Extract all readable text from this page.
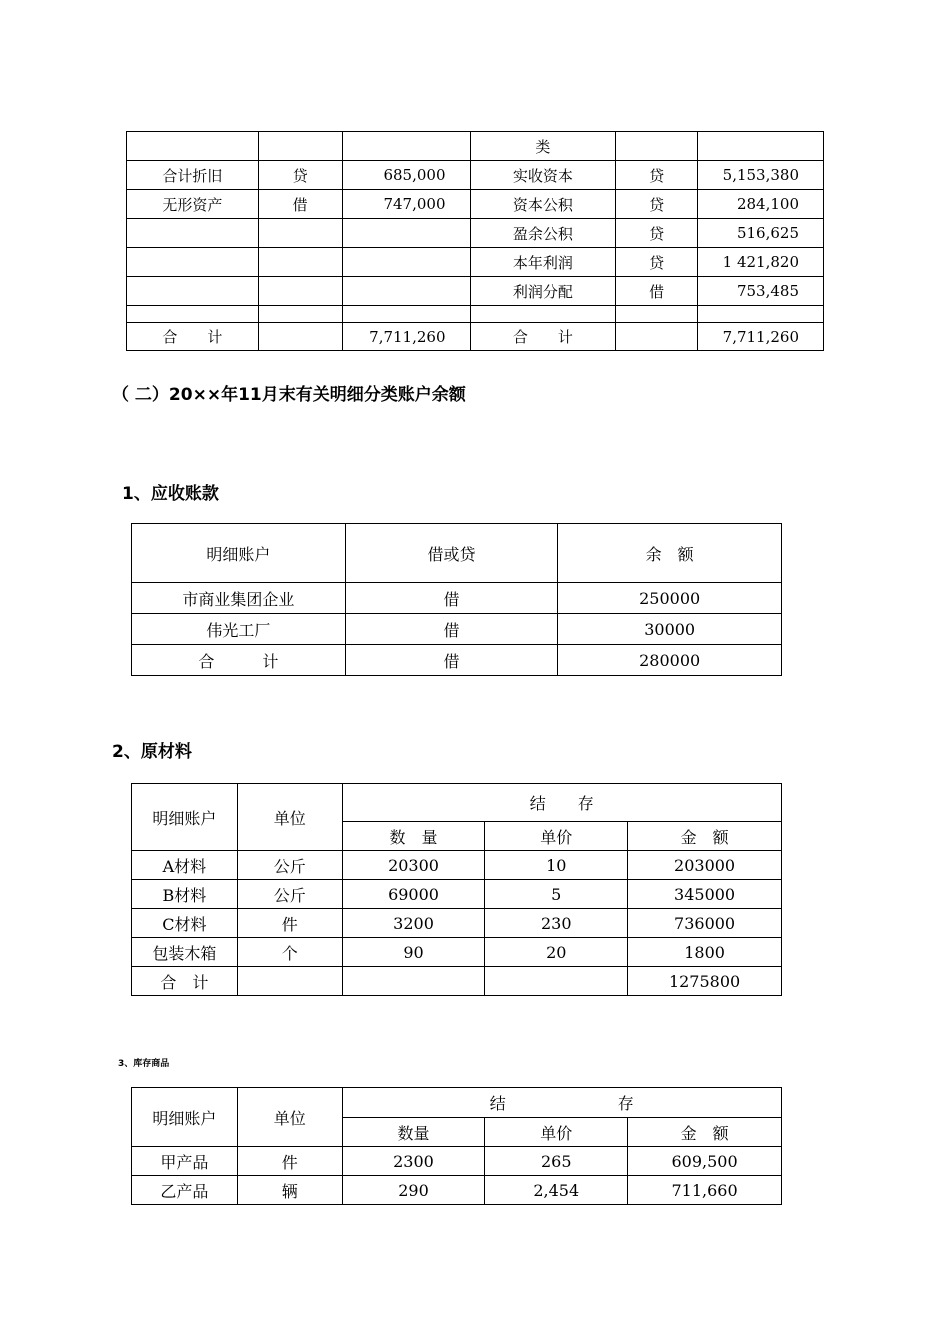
			类		
合计折旧	贷	685,000	实收资本	贷	5,153,380
无形资产	借	747,000	资本公积	贷	284,100
			盈余公积	贷	516,625
			本年利润	贷	1 421,820
			利润分配	借	753,485

合　　计		7,711,260	合　　计		7,711,260
（ 二）20××年11月末有关明细分类账户余额
1、应收账款
明细账户	借或贷	余　额
市商业集团企业	借	250000
伟光工厂	借	30000
合　　　计	借	280000
2、原材料
明细账户	单位	结　　存		
		数　量	单价	金　额
A材料	公斤	20300	10	203000
B材料	公斤	69000	5	345000
C材料	件	3200	230	736000
包装木箱	个	90	20	1800
合　计				1275800
3、库存商品
明细账户	单位	结　　　　　　　存		
		数量	单价	金　额
甲产品	件	2300	265	609,500
乙产品	辆	290	2,454	711,660
